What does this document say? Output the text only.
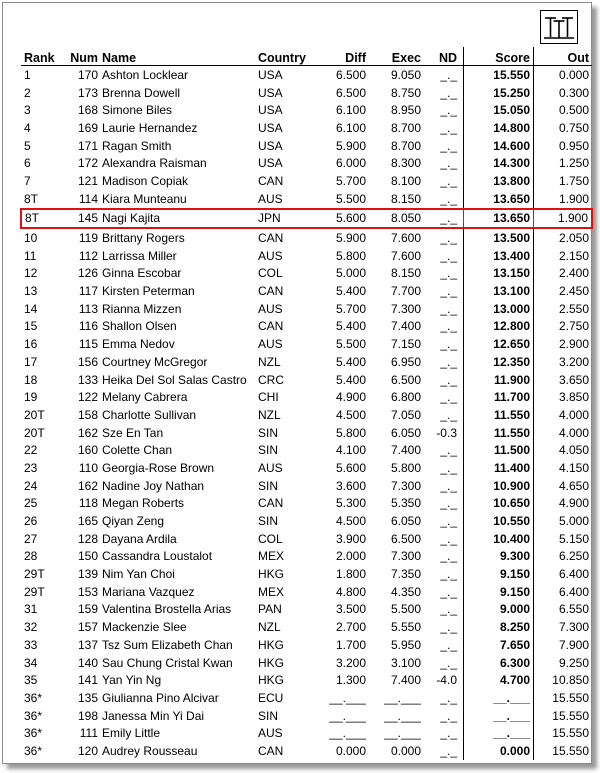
Rank	Num	Name	Country	Diff	Exec	ND	Score	Out
1	170	Ashton Locklear	USA	6.500	9.050	_._	15.550	0.000
2	173	Brenna Dowell	USA	6.500	8.750	_._	15.250	0.300
3	168	Simone Biles	USA	6.100	8.950	_._	15.050	0.500
4	169	Laurie Hernandez	USA	6.100	8.700	_._	14.800	0.750
5	171	Ragan Smith	USA	5.900	8.700	_._	14.600	0.950
6	172	Alexandra Raisman	USA	6.000	8.300	_._	14.300	1.250
7	121	Madison Copiak	CAN	5.700	8.100	_._	13.800	1.750
8T	114	Kiara Munteanu	AUS	5.500	8.150	_._	13.650	1.900
8T	145	Nagi Kajita	JPN	5.600	8.050	_._	13.650	1.900
10	119	Brittany Rogers	CAN	5.900	7.600	_._	13.500	2.050
11	112	Larrissa Miller	AUS	5.800	7.600	_._	13.400	2.150
12	126	Ginna Escobar	COL	5.000	8.150	_._	13.150	2.400
13	117	Kirsten Peterman	CAN	5.400	7.700	_._	13.100	2.450
14	113	Rianna Mizzen	AUS	5.700	7.300	_._	13.000	2.550
15	116	Shallon Olsen	CAN	5.400	7.400	_._	12.800	2.750
16	115	Emma Nedov	AUS	5.500	7.150	_._	12.650	2.900
17	156	Courtney McGregor	NZL	5.400	6.950	_._	12.350	3.200
18	133	Heika Del Sol Salas Castro	CRC	5.400	6.500	_._	11.900	3.650
19	122	Melany Cabrera	CHI	4.900	6.800	_._	11.700	3.850
20T	158	Charlotte Sullivan	NZL	4.500	7.050	_._	11.550	4.000
20T	162	Sze En Tan	SIN	5.800	6.050	-0.3	11.550	4.000
22	160	Colette Chan	SIN	4.100	7.400	_._	11.500	4.050
23	110	Georgia-Rose Brown	AUS	5.600	5.800	_._	11.400	4.150
24	162	Nadine Joy Nathan	SIN	3.600	7.300	_._	10.900	4.650
25	118	Megan Roberts	CAN	5.300	5.350	_._	10.650	4.900
26	165	Qiyan Zeng	SIN	4.500	6.050	_._	10.550	5.000
27	128	Dayana Ardila	COL	3.900	6.500	_._	10.400	5.150
28	150	Cassandra Loustalot	MEX	2.000	7.300	_._	9.300	6.250
29T	139	Nim Yan Choi	HKG	1.800	7.350	_._	9.150	6.400
29T	153	Mariana Vazquez	MEX	4.800	4.350	_._	9.150	6.400
31	159	Valentina Brostella Arias	PAN	3.500	5.500	_._	9.000	6.550
32	157	Mackenzie Slee	NZL	2.700	5.550	_._	8.250	7.300
33	137	Tsz Sum Elizabeth Chan	HKG	1.700	5.950	_._	7.650	7.900
34	140	Sau Chung Cristal Kwan	HKG	3.200	3.100	_._	6.300	9.250
35	141	Yan Yin Ng	HKG	1.300	7.400	-4.0	4.700	10.850
36*	135	Giulianna Pino Alcivar	ECU	__.___	__.___	_._	__.___	15.550
36*	198	Janessa Min Yi Dai	SIN	__.___	__.___	_._	__.___	15.550
36*	111	Emily Little	AUS	__.___	__.___	_._	__.___	15.550
36*	120	Audrey Rousseau	CAN	0.000	0.000	_._	0.000	15.550
